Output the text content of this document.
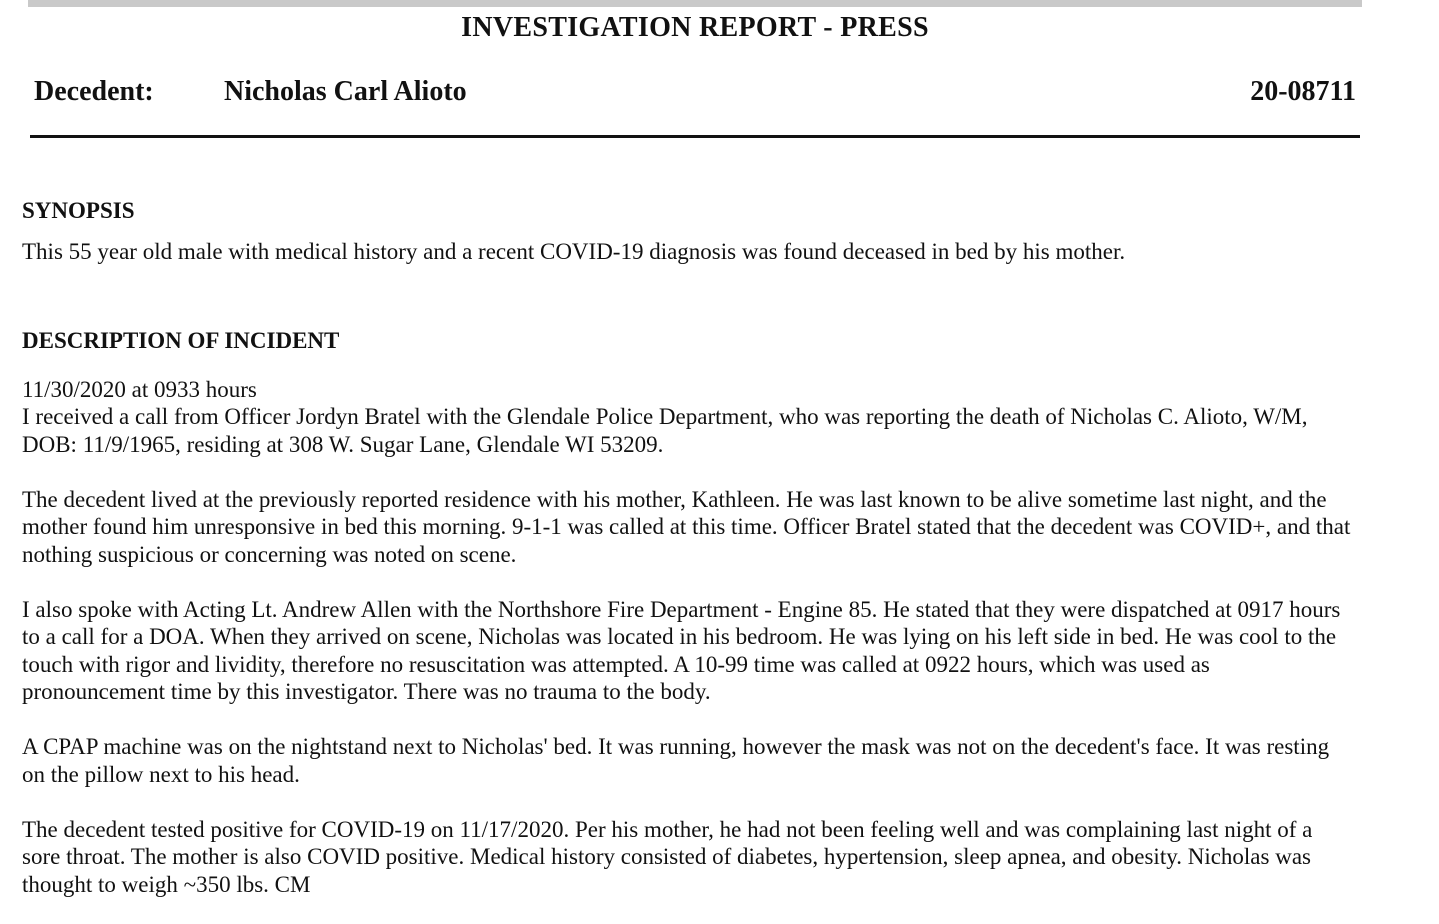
INVESTIGATION REPORT - PRESS
Decedent:	Nicholas Carl Alioto	20-08711
SYNOPSIS

This 55 year old male with medical history and a recent COVID-19 diagnosis was found deceased in bed by his mother.

DESCRIPTION OF INCIDENT

11/30/2020 at 0933 hours

I received a call from Officer Jordyn Bratel with the Glendale Police Department, who was reporting the death of Nicholas C. Alioto, W/M, DOB: 11/9/1965, residing at 308 W. Sugar Lane, Glendale WI 53209.

The decedent lived at the previously reported residence with his mother, Kathleen. He was last known to be alive sometime last night, and the mother found him unresponsive in bed this morning. 9-1-1 was called at this time. Officer Bratel stated that the decedent was COVID+, and that nothing suspicious or concerning was noted on scene.

I also spoke with Acting Lt. Andrew Allen with the Northshore Fire Department - Engine 85. He stated that they were dispatched at 0917 hours to a call for a DOA. When they arrived on scene, Nicholas was located in his bedroom. He was lying on his left side in bed. He was cool to the touch with rigor and lividity, therefore no resuscitation was attempted. A 10-99 time was called at 0922 hours, which was used as pronouncement time by this investigator. There was no trauma to the body.

A CPAP machine was on the nightstand next to Nicholas' bed. It was running, however the mask was not on the decedent's face. It was resting on the pillow next to his head.

The decedent tested positive for COVID-19 on 11/17/2020. Per his mother, he had not been feeling well and was complaining last night of a sore throat. The mother is also COVID positive. Medical history consisted of diabetes, hypertension, sleep apnea, and obesity. Nicholas was thought to weigh ~350 lbs. CM
